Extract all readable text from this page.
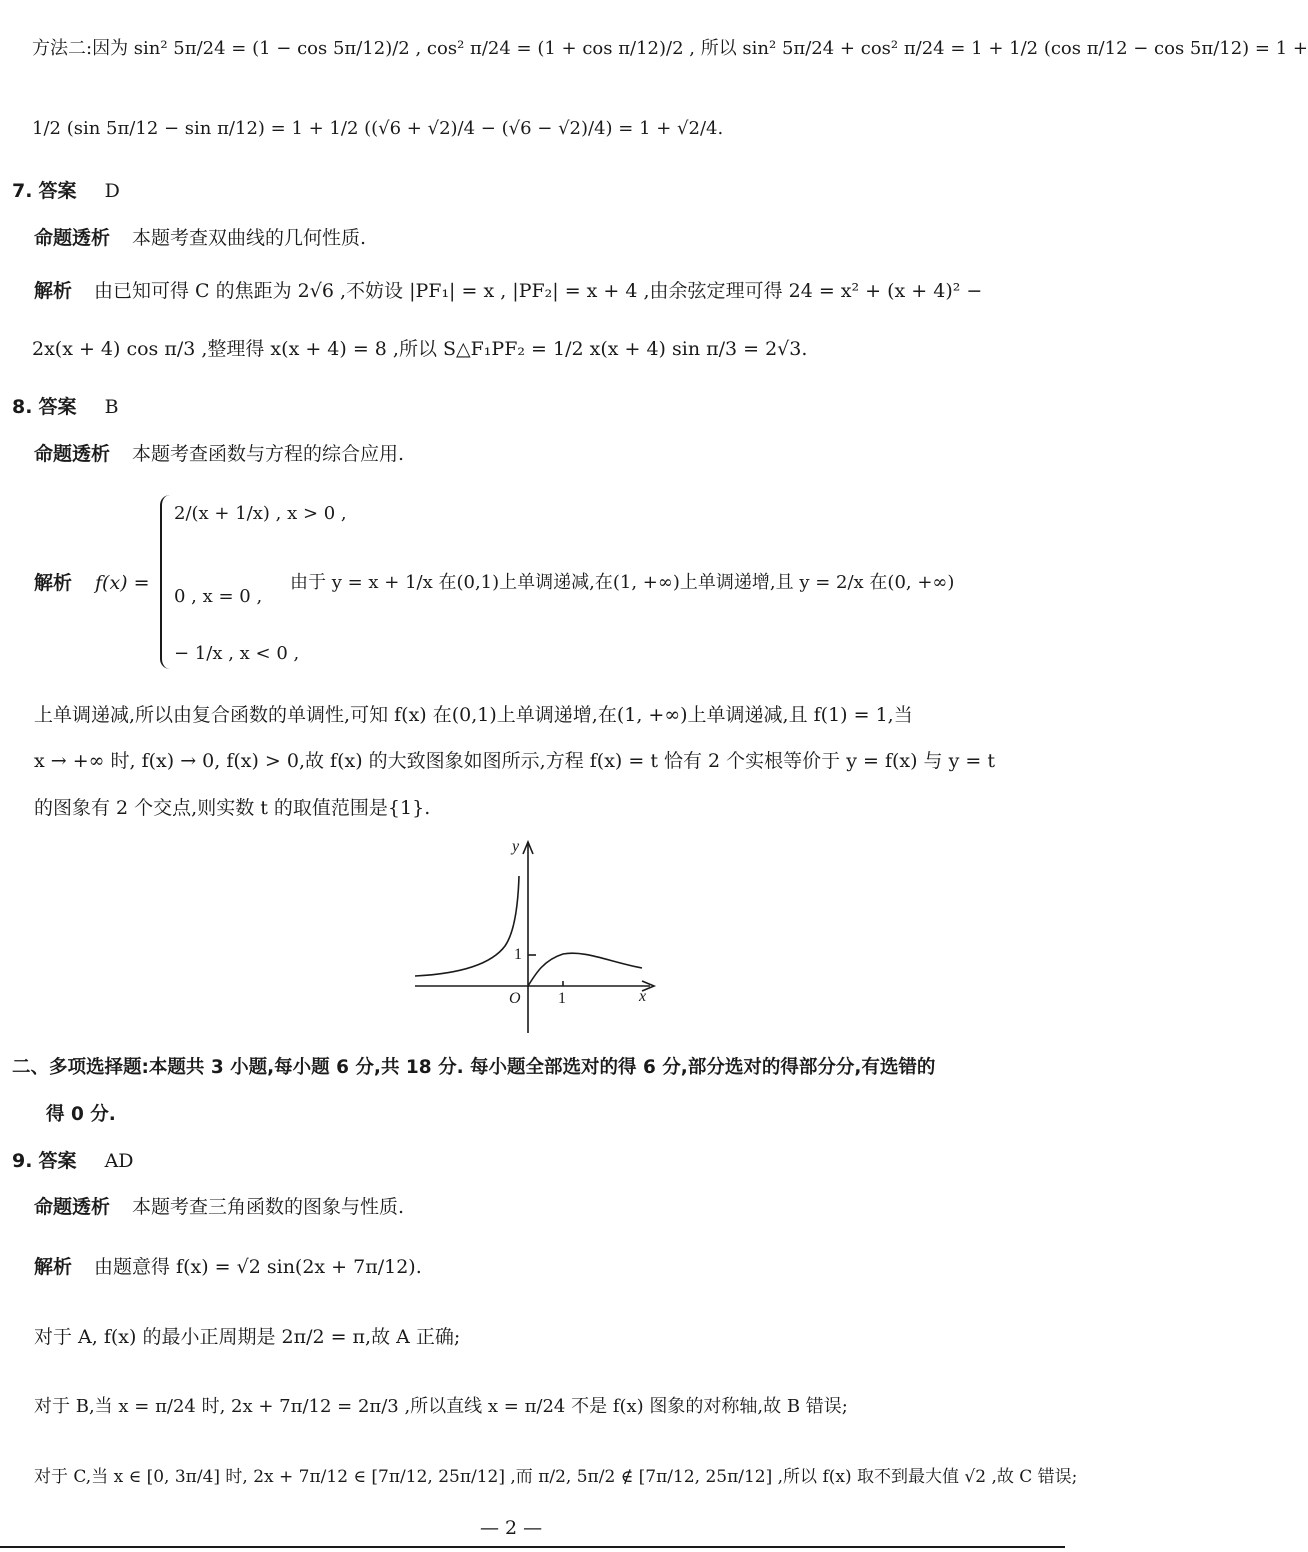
方法二:因为 sin² 5π/24 = (1 − cos 5π/12)/2 , cos² π/24 = (1 + cos π/12)/2 , 所以 sin² 5π/24 + cos² π/24 = 1 + 1/2 (cos π/12 − cos 5π/12) = 1 +
1/2 (sin 5π/12 − sin π/12) = 1 + 1/2 ((√6 + √2)/4 − (√6 − √2)/4) = 1 + √2/4.
7. 答案 D
命题透析 本题考查双曲线的几何性质.
解析 由已知可得 C 的焦距为 2√6 ,不妨设 |PF₁| = x , |PF₂| = x + 4 ,由余弦定理可得 24 = x² + (x + 4)² −
2x(x + 4) cos π/3 ,整理得 x(x + 4) = 8 ,所以 S△F₁PF₂ = 1/2 x(x + 4) sin π/3 = 2√3.
8. 答案 B
命题透析 本题考查函数与方程的综合应用.
解析 f(x) =
2/(x + 1/x) , x > 0 ,
0 , x = 0 ,
− 1/x , x < 0 ,
由于 y = x + 1/x 在(0,1)上单调递减,在(1, +∞)上单调递增,且 y = 2/x 在(0, +∞)
上单调递减,所以由复合函数的单调性,可知 f(x) 在(0,1)上单调递增,在(1, +∞)上单调递减,且 f(1) = 1,当
x → +∞ 时, f(x) → 0, f(x) > 0,故 f(x) 的大致图象如图所示,方程 f(x) = t 恰有 2 个实根等价于 y = f(x) 与 y = t
的图象有 2 个交点,则实数 t 的取值范围是{1}.
y
x
O 1
1
二、多项选择题:本题共 3 小题,每小题 6 分,共 18 分. 每小题全部选对的得 6 分,部分选对的得部分分,有选错的
得 0 分.
9. 答案 AD
命题透析 本题考查三角函数的图象与性质.
解析 由题意得 f(x) = √2 sin(2x + 7π/12).
对于 A, f(x) 的最小正周期是 2π/2 = π,故 A 正确;
对于 B,当 x = π/24 时, 2x + 7π/12 = 2π/3 ,所以直线 x = π/24 不是 f(x) 图象的对称轴,故 B 错误;
对于 C,当 x ∈ [0, 3π/4] 时, 2x + 7π/12 ∈ [7π/12, 25π/12] ,而 π/2, 5π/2 ∉ [7π/12, 25π/12] ,所以 f(x) 取不到最大值 √2 ,故 C 错误;
— 2 —
